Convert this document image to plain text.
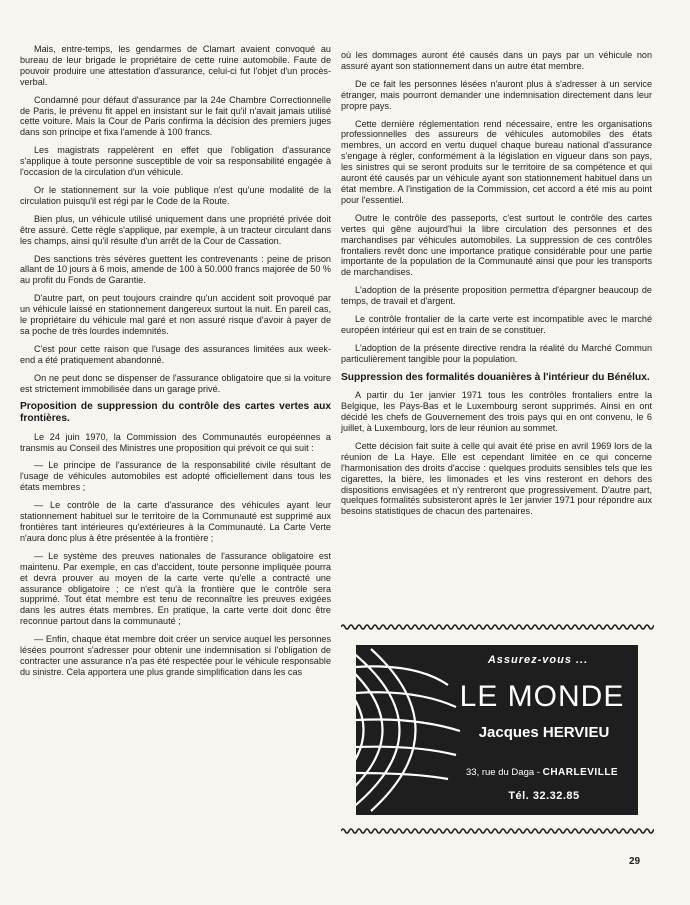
Mais, entre-temps, les gendarmes de Clamart avaient convoqué au bureau de leur brigade le propriétaire de cette ruine automobile. Faute de pouvoir produire une attestation d'assurance, celui-ci fut l'objet d'un procès-verbal.

Condamné pour défaut d'assurance par la 24e Chambre Correctionnelle de Paris, le prévenu fit appel en insistant sur le fait qu'il n'avait jamais utilisé cette voiture. Mais la Cour de Paris confirma la décision des premiers juges dans son principe et fixa l'amende à 100 francs.

Les magistrats rappelèrent en effet que l'obligation d'assurance s'applique à toute personne susceptible de voir sa responsabilité engagée à l'occasion de la circulation d'un véhicule.

Or le stationnement sur la voie publique n'est qu'une modalité de la circulation puisqu'il est régi par le Code de la Route.

Bien plus, un véhicule utilisé uniquement dans une propriété privée doit être assuré. Cette règle s'applique, par exemple, à un tracteur circulant dans les champs, ainsi qu'il résulte d'un arrêt de la Cour de Cassation.

Des sanctions très sévères guettent les contrevenants : peine de prison allant de 10 jours à 6 mois, amende de 100 à 50.000 francs majorée de 50 % au profit du Fonds de Garantie.

D'autre part, on peut toujours craindre qu'un accident soit provoqué par un véhicule laissé en stationnement dangereux surtout la nuit. En pareil cas, le propriétaire du véhicule mal garé et non assuré risque d'avoir à payer de sa poche de très lourdes indemnités.

C'est pour cette raison que l'usage des assurances limitées aux week-end a été pratiquement abandonné.

On ne peut donc se dispenser de l'assurance obligatoire que si la voiture est strictement immobilisée dans un garage privé.

Proposition de suppression du contrôle des cartes vertes aux frontières.

Le 24 juin 1970, la Commission des Communautés européennes a transmis au Conseil des Ministres une proposition qui prévoit ce qui suit :

— Le principe de l'assurance de la responsabilité civile résultant de l'usage de véhicules automobiles est adopté officiellement dans tous les états membres ;

— Le contrôle de la carte d'assurance des véhicules ayant leur stationnement habituel sur le territoire de la Communauté est supprimé aux frontières tant intérieures qu'extérieures à la Communauté. La Carte Verte n'aura donc plus à être présentée à la frontière ;

— Le système des preuves nationales de l'assurance obligatoire est maintenu. Par exemple, en cas d'accident, toute personne impliquée pourra et devra prouver au moyen de la carte verte qu'elle a contracté une assurance obligatoire ; ce n'est qu'à la frontière que le contrôle sera supprimé. Tout état membre est tenu de reconnaître les preuves exigées dans les autres états membres. En pratique, la carte verte doit donc être reconnue partout dans la communauté ;

— Enfin, chaque état membre doit créer un service auquel les personnes lésées pourront s'adresser pour obtenir une indemnisation si l'obligation de contracter une assurance n'a pas été respectée pour le véhicule responsable du sinistre. Cela apportera une plus grande simplification dans les cas

où les dommages auront été causés dans un pays par un véhicule non assuré ayant son stationnement dans un autre état membre.

De ce fait les personnes lésées n'auront plus à s'adresser à un service étranger, mais pourront demander une indemnisation directement dans leur propre pays.

Cette dernière réglementation rend nécessaire, entre les organisations professionnelles des assureurs de véhicules automobiles des états membres, un accord en vertu duquel chaque bureau national d'assurance s'engage à régler, conformément à la législation en vigueur dans son pays, les sinistres qui se seront produits sur le territoire de sa compétence et qui auront été causés par un véhicule ayant son stationnement habituel dans un état membre. A l'instigation de la Commission, cet accord a été mis au point pour l'essentiel.

Outre le contrôle des passeports, c'est surtout le contrôle des cartes vertes qui gêne aujourd'hui la libre circulation des personnes et des marchandises par véhicules automobiles. La suppression de ces contrôles frontaliers revêt donc une importance pratique considérable pour une partie importante de la population de la Communauté ainsi que pour les transports de marchandises.

L'adoption de la présente proposition permettra d'épargner beaucoup de temps, de travail et d'argent.

Le contrôle frontalier de la carte verte est incompatible avec le marché européen intérieur qui est en train de se constituer.

L'adoption de la présente directive rendra la réalité du Marché Commun particulièrement tangible pour la population.

Suppression des formalités douanières à l'intérieur du Bénélux.

A partir du 1er janvier 1971 tous les contrôles frontaliers entre la Belgique, les Pays-Bas et le Luxembourg seront supprimés. Ainsi en ont décidé les chefs de Gouvernement des trois pays qui en ont convenu, le 6 juillet, à Luxembourg, lors de leur réunion au sommet.

Cette décision fait suite à celle qui avait été prise en avril 1969 lors de la réunion de La Haye. Elle est cependant limitée en ce qui concerne l'harmonisation des droits d'accise : quelques produits sensibles tels que les cigarettes, la bière, les limonades et les vins resteront en dehors des dispositions envisagées et n'y rentreront que progressivement. D'autre part, quelques formalités subsisteront après le 1er janvier 1971 pour répondre aux besoins statistiques de chacun des partenaires.

Assurez-vous ...
LE MONDE
Jacques HERVIEU
33, rue du Daga - CHARLEVILLE
Tél. 32.32.85
29
